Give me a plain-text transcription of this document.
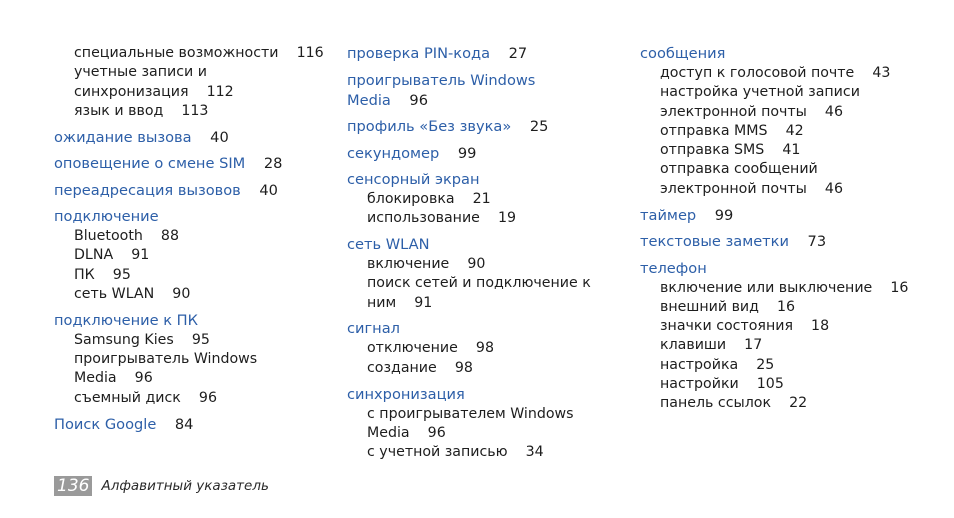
специальные возможности 116
учетные записи и
синхронизация 112
язык и ввод 113
ожидание вызова 40
оповещение о смене SIM 28
переадресация вызовов 40
подключение
Bluetooth 88
DLNA 91
ПК 95
сеть WLAN 90
подключение к ПК
Samsung Kies 95
проигрыватель Windows
Media 96
съемный диск 96
Поиск Google 84
проверка PIN-кода 27
проигрыватель Windows Media 96
профиль «Без звука» 25
секундомер 99
сенсорный экран
блокировка 21
использование 19
сеть WLAN
включение 90
поиск сетей и подключение к
ним 91
сигнал
отключение 98
создание 98
синхронизация
с проигрывателем Windows
Media 96
с учетной записью 34
сообщения
доступ к голосовой почте 43
настройка учетной записи
электронной почты 46
отправка MMS 42
отправка SMS 41
отправка сообщений
электронной почты 46
таймер 99
текстовые заметки 73
телефон
включение или выключение 16
внешний вид 16
значки состояния 18
клавиши 17
настройка 25
настройки 105
панель ссылок 22
136 Алфавитный указатель
